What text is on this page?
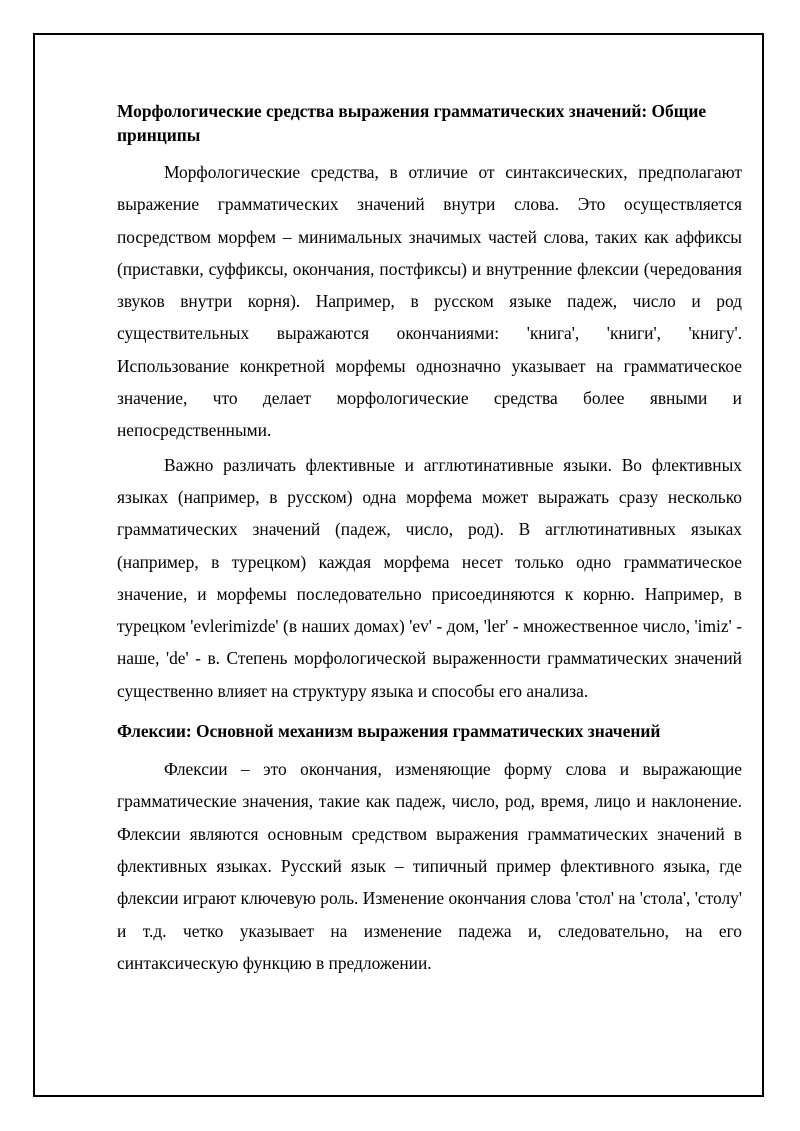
Морфологические средства выражения грамматических значений: Общие принципы

Морфологические средства, в отличие от синтаксических, предполагают выражение грамматических значений внутри слова. Это осуществляется посредством морфем – минимальных значимых частей слова, таких как аффиксы (приставки, суффиксы, окончания, постфиксы) и внутренние флексии (чередования звуков внутри корня). Например, в русском языке падеж, число и род существительных выражаются окончаниями: 'книга', 'книги', 'книгу'. Использование конкретной морфемы однозначно указывает на грамматическое значение, что делает морфологические средства более явными и непосредственными.

Важно различать флективные и агглютинативные языки. Во флективных языках (например, в русском) одна морфема может выражать сразу несколько грамматических значений (падеж, число, род). В агглютинативных языках (например, в турецком) каждая морфема несет только одно грамматическое значение, и морфемы последовательно присоединяются к корню. Например, в турецком 'evlerimizde' (в наших домах) 'ev' - дом, 'ler' - множественное число, 'imiz' - наше, 'de' - в. Степень морфологической выраженности грамматических значений существенно влияет на структуру языка и способы его анализа.

Флексии: Основной механизм выражения грамматических значений

Флексии – это окончания, изменяющие форму слова и выражающие грамматические значения, такие как падеж, число, род, время, лицо и наклонение. Флексии являются основным средством выражения грамматических значений в флективных языках. Русский язык – типичный пример флективного языка, где флексии играют ключевую роль. Изменение окончания слова 'стол' на 'стола', 'столу' и т.д. четко указывает на изменение падежа и, следовательно, на его синтаксическую функцию в предложении.
